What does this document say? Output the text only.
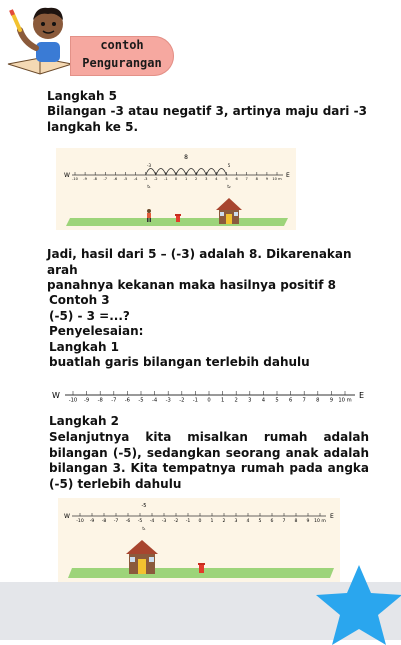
contoh
Pengurangan
Langkah 5
Bilangan -3 atau negatif 3, artinya maju dari -3 langkah ke 5.
W	E
-10 -9 -8 -7 -6 -5 -4 -3 -2 -1 0 1 2 3 4 5 6 7 8 9 10 m
8
-3	5
t₁	t₂
Jadi, hasil dari 5 – (-3) adalah 8. Dikarenakan arah
panahnya kekanan maka hasilnya positif 8
Contoh 3
(-5) - 3 =...?
Penyelesaian:
Langkah 1
buatlah garis bilangan terlebih dahulu
W	E
-10 -9 -8 -7 -6 -5 -4 -3 -2 -1 0 1 2 3 4 5 6 7 8 9 10 m
Langkah 2
Selanjutnya kita misalkan rumah adalah bilangan (-5), sedangkan seorang anak adalah bilangan 3. Kita tempatnya rumah pada angka (-5) terlebih dahulu
W	E
-10 -9 -8 -7 -6 -5 -4 -3 -2 -1 0 1 2 3 4 5 6 7 8 9 10 m
-5
t₁
